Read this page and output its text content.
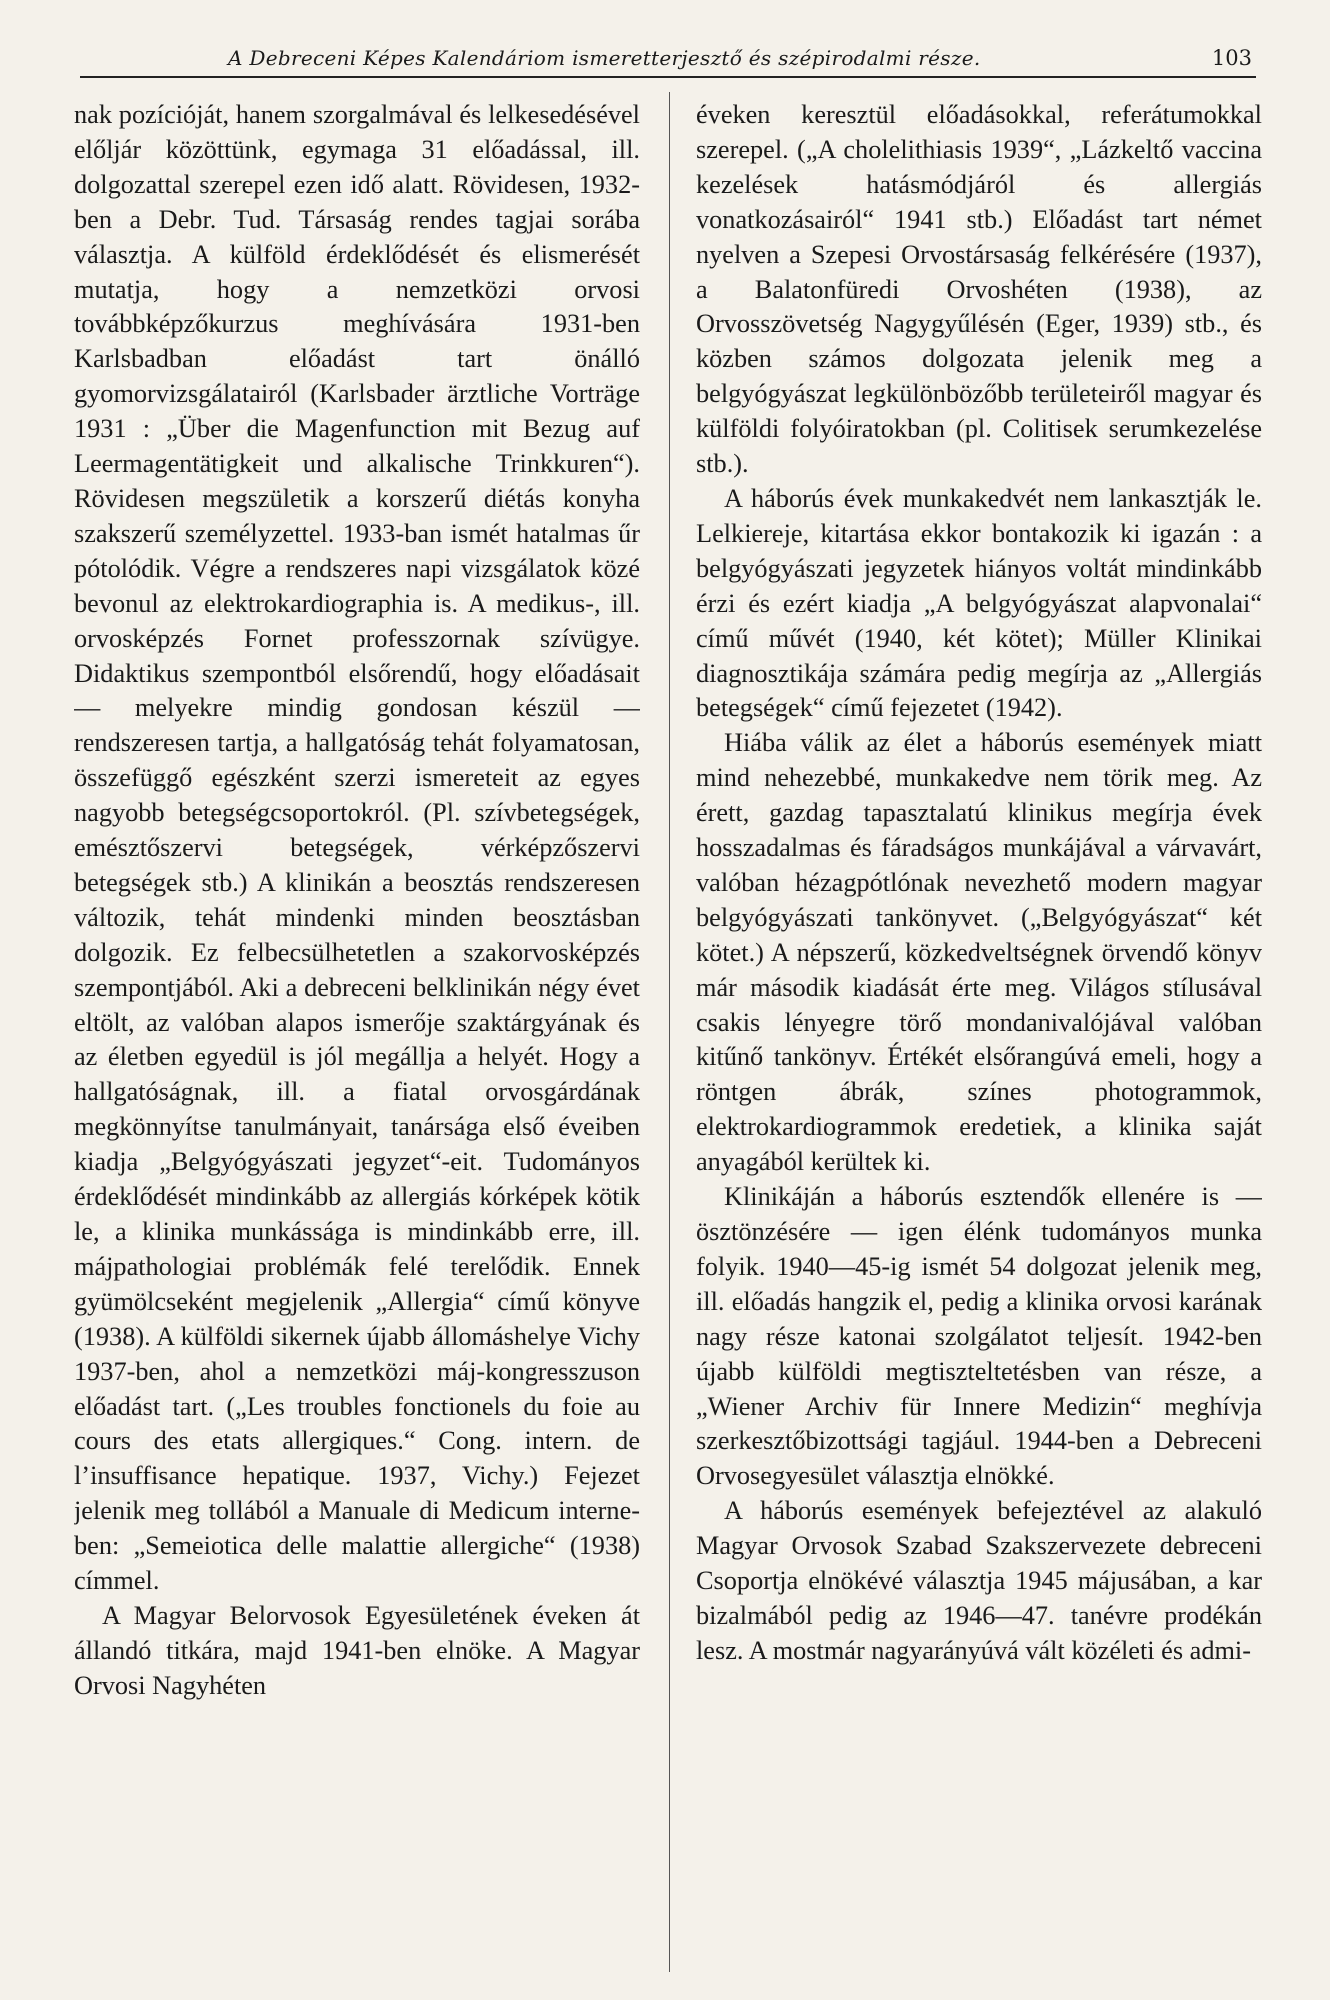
A Debreceni Képes Kalendáriom ismeretterjesztő és szépirodalmi része.	103

nak pozícióját, hanem szorgalmával és lelkesedésével előljár közöttünk, egymaga 31 előadással, ill. dolgozattal szerepel ezen idő alatt. Rövidesen, 1932-ben a Debr. Tud. Társaság rendes tagjai sorába választja. A külföld érdeklődését és elismerését mutatja, hogy a nemzetközi orvosi továbbképzőkurzus meghívására 1931-ben Karlsbadban előadást tart önálló gyomorvizsgálatairól (Karlsbader ärztliche Vorträge 1931 : „Über die Magenfunction mit Bezug auf Leermagentätigkeit und alkalische Trinkkuren“). Rövidesen megszületik a korszerű diétás konyha szakszerű személyzettel. 1933-ban ismét hatalmas űr pótolódik. Végre a rendszeres napi vizsgálatok közé bevonul az elektrokardiographia is. A medikus-, ill. orvosképzés Fornet professzornak szívügye. Didaktikus szempontból elsőrendű, hogy előadásait — melyekre mindig gondosan készül — rendszeresen tartja, a hallgatóság tehát folyamatosan, összefüggő egészként szerzi ismereteit az egyes nagyobb betegségcsoportokról. (Pl. szívbetegségek, emésztőszervi betegségek, vérképzőszervi betegségek stb.) A klinikán a beosztás rendszeresen változik, tehát mindenki minden beosztásban dolgozik. Ez felbecsülhetetlen a szakorvosképzés szempontjából. Aki a debreceni belklinikán négy évet eltölt, az valóban alapos ismerője szaktárgyának és az életben egyedül is jól megállja a helyét. Hogy a hallgatóságnak, ill. a fiatal orvosgárdának megkönnyítse tanulmányait, tanársága első éveiben kiadja „Belgyógyászati jegyzet“-eit. Tudományos érdeklődését mindinkább az allergiás kórképek kötik le, a klinika munkássága is mindinkább erre, ill. májpathologiai problémák felé terelődik. Ennek gyümölcseként megjelenik „Allergia“ című könyve (1938). A külföldi sikernek újabb állomáshelye Vichy 1937-ben, ahol a nemzetközi máj-kongresszuson előadást tart. („Les troubles fonctionels du foie au cours des etats allergiques.“ Cong. intern. de l’insuffisance hepatique. 1937, Vichy.) Fejezet jelenik meg tollából a Manuale di Medicum interne-ben: „Semeiotica delle malattie allergiche“ (1938) címmel.

A Magyar Belorvosok Egyesületének éveken át állandó titkára, majd 1941-ben elnöke. A Magyar Orvosi Nagyhéten

éveken keresztül előadásokkal, referátumokkal szerepel. („A cholelithiasis 1939“, „Lázkeltő vaccina kezelések hatásmódjáról és allergiás vonatkozásairól“ 1941 stb.) Előadást tart német nyelven a Szepesi Orvostársaság felkérésére (1937), a Balatonfüredi Orvoshéten (1938), az Orvosszövetség Nagygyűlésén (Eger, 1939) stb., és közben számos dolgozata jelenik meg a belgyógyászat legkülönbözőbb területeiről magyar és külföldi folyóiratokban (pl. Colitisek serumkezelése stb.).

A háborús évek munkakedvét nem lankasztják le. Lelkiereje, kitartása ekkor bontakozik ki igazán : a belgyógyászati jegyzetek hiányos voltát mindinkább érzi és ezért kiadja „A belgyógyászat alapvonalai“ című művét (1940, két kötet); Müller Klinikai diagnosztikája számára pedig megírja az „Allergiás betegségek“ című fejezetet (1942).

Hiába válik az élet a háborús események miatt mind nehezebbé, munkakedve nem törik meg. Az érett, gazdag tapasztalatú klinikus megírja évek hosszadalmas és fáradságos munkájával a várvavárt, valóban hézagpótlónak nevezhető modern magyar belgyógyászati tankönyvet. („Belgyógyászat“ két kötet.) A népszerű, közkedveltségnek örvendő könyv már második kiadását érte meg. Világos stílusával csakis lényegre törő mondanivalójával valóban kitűnő tankönyv. Értékét elsőrangúvá emeli, hogy a röntgen ábrák, színes photogrammok, elektrokardiogrammok eredetiek, a klinika saját anyagából kerültek ki.

Klinikáján a háborús esztendők ellenére is — ösztönzésére — igen élénk tudományos munka folyik. 1940—45-ig ismét 54 dolgozat jelenik meg, ill. előadás hangzik el, pedig a klinika orvosi karának nagy része katonai szolgálatot teljesít. 1942-ben újabb külföldi megtiszteltetésben van része, a „Wiener Archiv für Innere Medizin“ meghívja szerkesztőbizottsági tagjául. 1944-ben a Debreceni Orvosegyesület választja elnökké.

A háborús események befejeztével az alakuló Magyar Orvosok Szabad Szakszervezete debreceni Csoportja elnökévé választja 1945 májusában, a kar bizalmából pedig az 1946—47. tanévre prodékán lesz. A mostmár nagyarányúvá vált közéleti és admi-
